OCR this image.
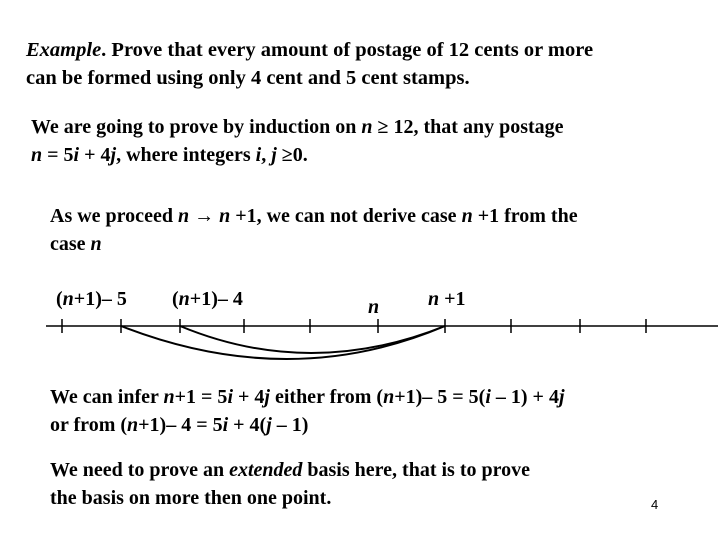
Example. Prove that every amount of postage of 12 cents or more
can be formed using only 4 cent and 5 cent stamps.
We are going to prove by induction on n ≥ 12, that any postage
n = 5i + 4j, where integers i, j ≥0.
As we proceed n → n +1, we can not derive case n +1 from the
case n
(n+1)– 5 (n+1)– 4	n n +1
We can infer n+1 = 5i + 4j either from (n+1)– 5 = 5(i – 1) + 4j
or from (n+1)– 4 = 5i + 4(j – 1)
We need to prove an extended basis here, that is to prove
the basis on more then one point.	4
